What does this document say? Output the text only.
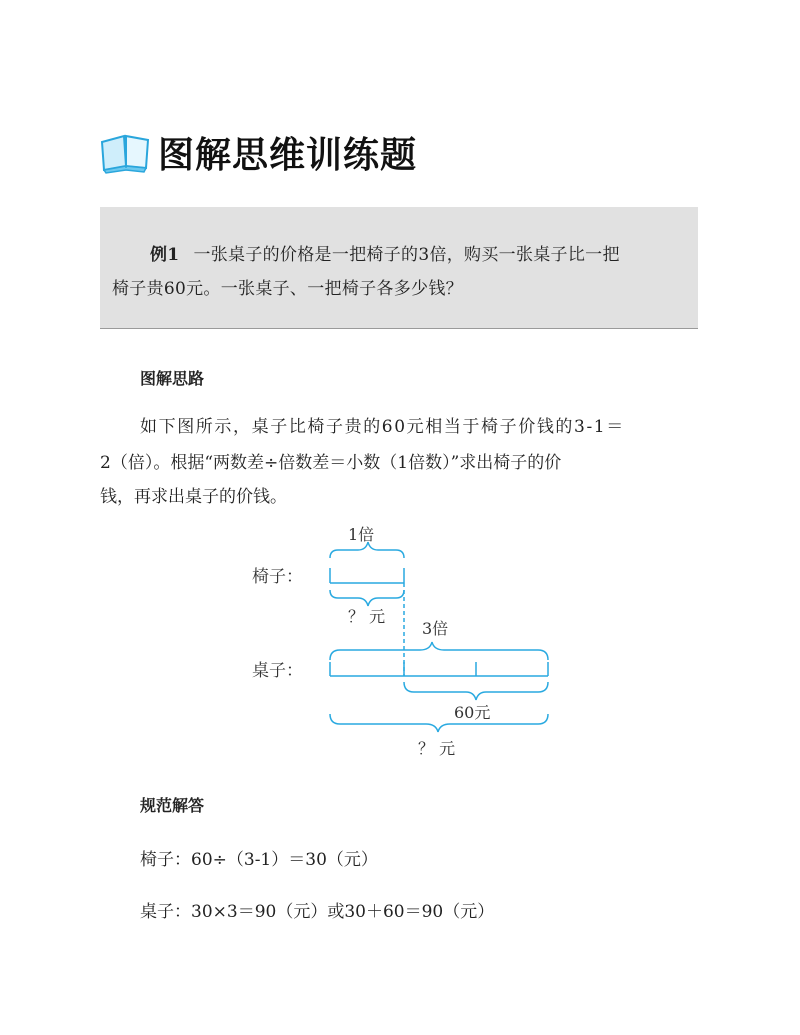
图解思维训练题
例1 一张桌子的价格是一把椅子的3倍，购买一张桌子比一把
椅子贵60元。一张桌子、一把椅子各多少钱？
图解思路
如下图所示，桌子比椅子贵的60元相当于椅子价钱的3-1＝
2（倍）。根据“两数差÷倍数差＝小数（1倍数）”求出椅子的价
钱，再求出桌子的价钱。
1倍
椅子：
？ 元
3倍
桌子：
60元
？ 元
规范解答
椅子：60÷（3-1）＝30（元）
桌子：30×3＝90（元）或30＋60＝90（元）
